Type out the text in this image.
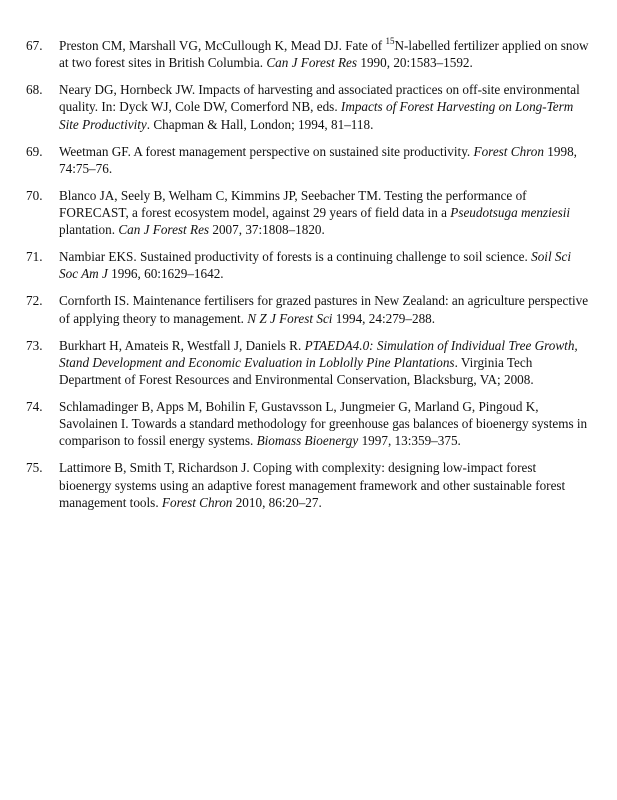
67.	Preston CM, Marshall VG, McCullough K, Mead DJ. Fate of $^{15}$N-labelled fertilizer applied on snow at two forest sites in British Columbia. Can J Forest Res 1990, 20:1583–1592.
68.	Neary DG, Hornbeck JW. Impacts of harvesting and associated practices on off-site environmental quality. In: Dyck WJ, Cole DW, Comerford NB, eds. Impacts of Forest Harvesting on Long-Term Site Productivity. Chapman & Hall, London; 1994, 81–118.
69.	Weetman GF. A forest management perspective on sustained site productivity. Forest Chron 1998, 74:75–76.
70.	Blanco JA, Seely B, Welham C, Kimmins JP, Seebacher TM. Testing the performance of FORECAST, a forest ecosystem model, against 29 years of field data in a Pseudotsuga menziesii plantation. Can J Forest Res 2007, 37:1808–1820.
71.	Nambiar EKS. Sustained productivity of forests is a continuing challenge to soil science. Soil Sci Soc Am J 1996, 60:1629–1642.
72.	Cornforth IS. Maintenance fertilisers for grazed pastures in New Zealand: an agriculture perspective of applying theory to management. N Z J Forest Sci 1994, 24:279–288.
73.	Burkhart H, Amateis R, Westfall J, Daniels R. PTAEDA4.0: Simulation of Individual Tree Growth, Stand Development and Economic Evaluation in Loblolly Pine Plantations. Virginia Tech Department of Forest Resources and Environmental Conservation, Blacksburg, VA; 2008.
74.	Schlamadinger B, Apps M, Bohilin F, Gustavsson L, Jungmeier G, Marland G, Pingoud K, Savolainen I. Towards a standard methodology for greenhouse gas balances of bioenergy systems in comparison to fossil energy systems. Biomass Bioenergy 1997, 13:359–375.
75.	Lattimore B, Smith T, Richardson J. Coping with complexity: designing low-impact forest bioenergy systems using an adaptive forest management framework and other sustainable forest management tools. Forest Chron 2010, 86:20–27.
